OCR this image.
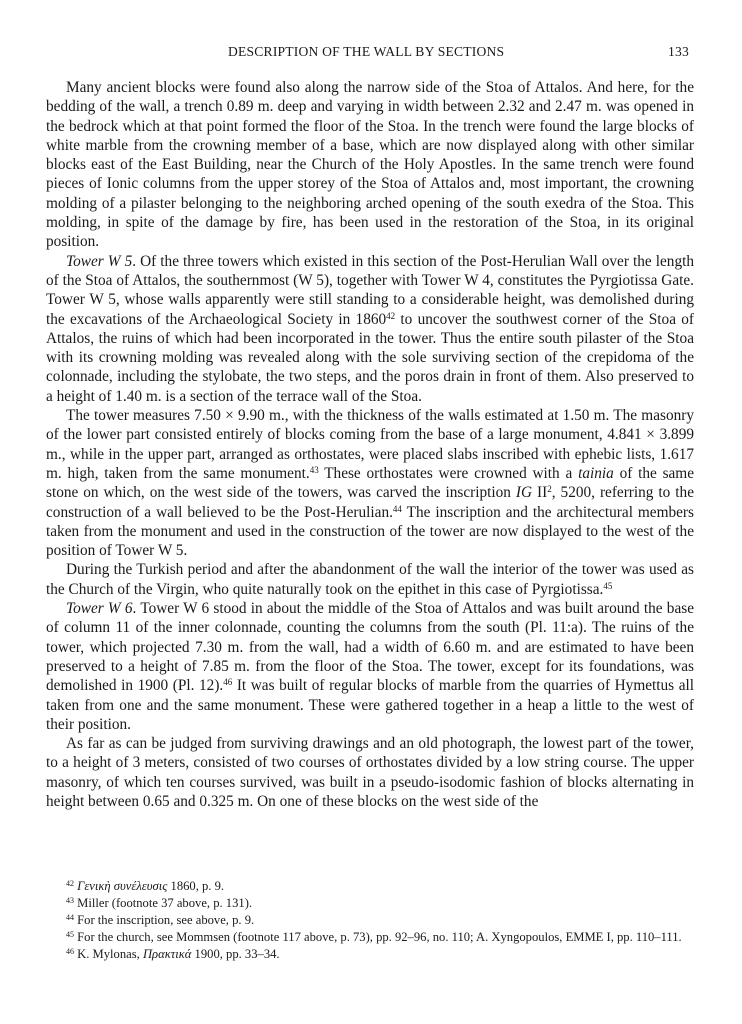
DESCRIPTION OF THE WALL BY SECTIONS	133

Many ancient blocks were found also along the narrow side of the Stoa of Attalos. And here, for the bedding of the wall, a trench 0.89 m. deep and varying in width between 2.32 and 2.47 m. was opened in the bedrock which at that point formed the floor of the Stoa. In the trench were found the large blocks of white marble from the crowning member of a base, which are now displayed along with other similar blocks east of the East Building, near the Church of the Holy Apostles. In the same trench were found pieces of Ionic columns from the upper storey of the Stoa of Attalos and, most important, the crowning molding of a pilaster belonging to the neighboring arched opening of the south exedra of the Stoa. This molding, in spite of the damage by fire, has been used in the restoration of the Stoa, in its original position.

Tower W 5. Of the three towers which existed in this section of the Post-Herulian Wall over the length of the Stoa of Attalos, the southernmost (W 5), together with Tower W 4, constitutes the Pyrgiotissa Gate. Tower W 5, whose walls apparently were still standing to a considerable height, was demolished during the excavations of the Archaeological Society in 1860$^{42}$ to uncover the southwest corner of the Stoa of Attalos, the ruins of which had been incorporated in the tower. Thus the entire south pilaster of the Stoa with its crowning molding was revealed along with the sole surviving section of the crepidoma of the colonnade, including the stylobate, the two steps, and the poros drain in front of them. Also preserved to a height of 1.40 m. is a section of the terrace wall of the Stoa.

The tower measures 7.50 × 9.90 m., with the thickness of the walls estimated at 1.50 m. The masonry of the lower part consisted entirely of blocks coming from the base of a large monument, 4.841 × 3.899 m., while in the upper part, arranged as orthostates, were placed slabs inscribed with ephebic lists, 1.617 m. high, taken from the same monument.$^{43}$ These orthostates were crowned with a tainia of the same stone on which, on the west side of the towers, was carved the inscription IG $II^2$, 5200, referring to the construction of a wall believed to be the Post-Herulian.$^{44}$ The inscription and the architectural members taken from the monument and used in the construction of the tower are now displayed to the west of the position of Tower W 5.

During the Turkish period and after the abandonment of the wall the interior of the tower was used as the Church of the Virgin, who quite naturally took on the epithet in this case of Pyrgiotissa.$^{45}$

Tower W 6. Tower W 6 stood in about the middle of the Stoa of Attalos and was built around the base of column 11 of the inner colonnade, counting the columns from the south (Pl. 11:a). The ruins of the tower, which projected 7.30 m. from the wall, had a width of 6.60 m. and are estimated to have been preserved to a height of 7.85 m. from the floor of the Stoa. The tower, except for its foundations, was demolished in 1900 (Pl. 12).$^{46}$ It was built of regular blocks of marble from the quarries of Hymettus all taken from one and the same monument. These were gathered together in a heap a little to the west of their position.

As far as can be judged from surviving drawings and an old photograph, the lowest part of the tower, to a height of 3 meters, consisted of two courses of orthostates divided by a low string course. The upper masonry, of which ten courses survived, was built in a pseudo-isodomic fashion of blocks alternating in height between 0.65 and 0.325 m. On one of these blocks on the west side of the

$^{42}$ Γενικὴ συνέλευσις 1860, p. 9.

$^{43}$ Miller (footnote 37 above, p. 131).

$^{44}$ For the inscription, see above, p. 9.

$^{45}$ For the church, see Mommsen (footnote 117 above, p. 73), pp. 92–96, no. 110; A. Xyngopoulos, EMME I, pp. 110–111.

$^{46}$ K. Mylonas, Πρακτικά 1900, pp. 33–34.
